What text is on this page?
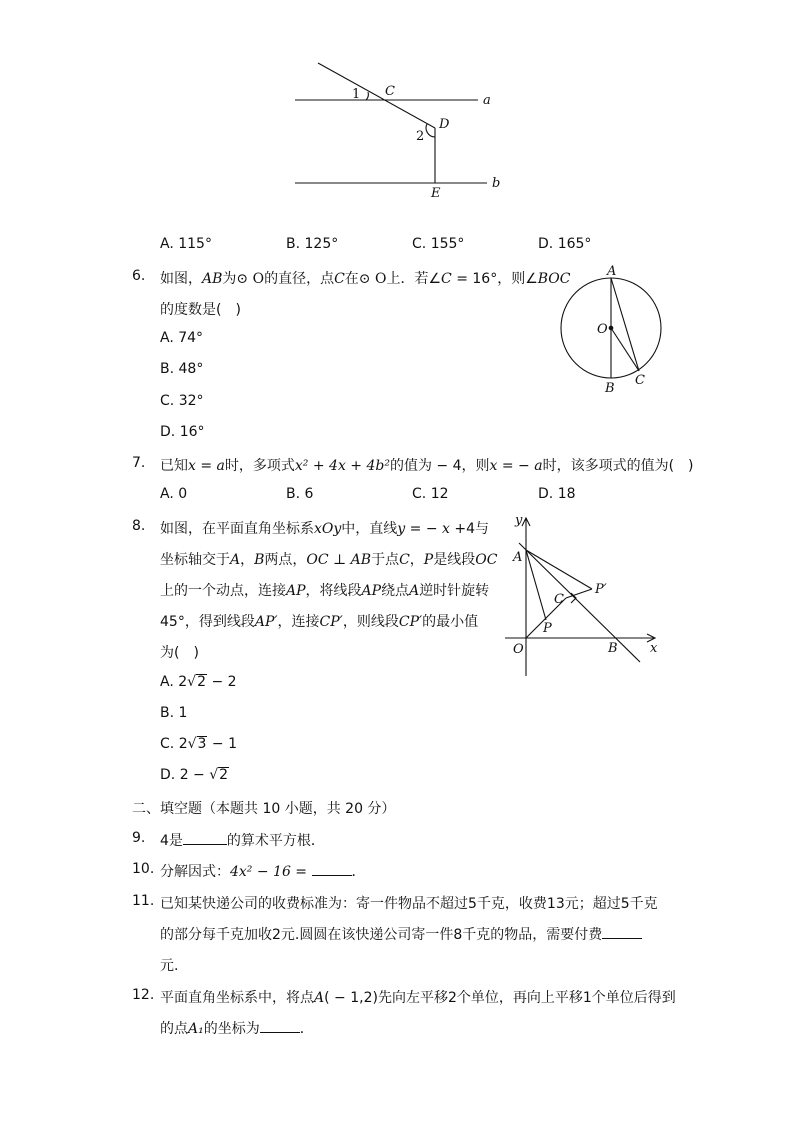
1 C
D
2
E
a
b
A. 115°	B. 125°	C. 155°	D. 165°
6. 如图，AB为⊙ O的直径，点C在⊙ O上．若∠C = 16°，则∠BOC
的度数是(　)
A. 74°
B. 48°
C. 32°
D. 16°
A
O
B
C
7. 已知x = a时，多项式x² + 4x + 4b²的值为 − 4，则x = − a时，该多项式的值为(　)
A. 0	B. 6	C. 12	D. 18
8. 如图，在平面直角坐标系xOy中，直线y = − x +4与
坐标轴交于A，B两点，OC ⊥ AB于点C，P是线段OC
上的一个动点，连接AP，将线段AP绕点A逆时针旋转
45°，得到线段AP′，连接CP′，则线段CP′的最小值
为(　)
A. 2√2 − 2
B. 1
C. 2√3 − 1
D. 2 − √2
y
A
P′
C
P
O	B x
二、填空题（本题共 10 小题，共 20 分）
9. 4是	的算术平方根．
10. 分解因式：4x² − 16 =	．
11. 已知某快递公司的收费标准为：寄一件物品不超过5千克，收费13元；超过5千克
的部分每千克加收2元.圆圆在该快递公司寄一件8千克的物品，需要付费
元.
12. 平面直角坐标系中，将点A( − 1,2)先向左平移2个单位，再向上平移1个单位后得到
的点A₁的坐标为	．
